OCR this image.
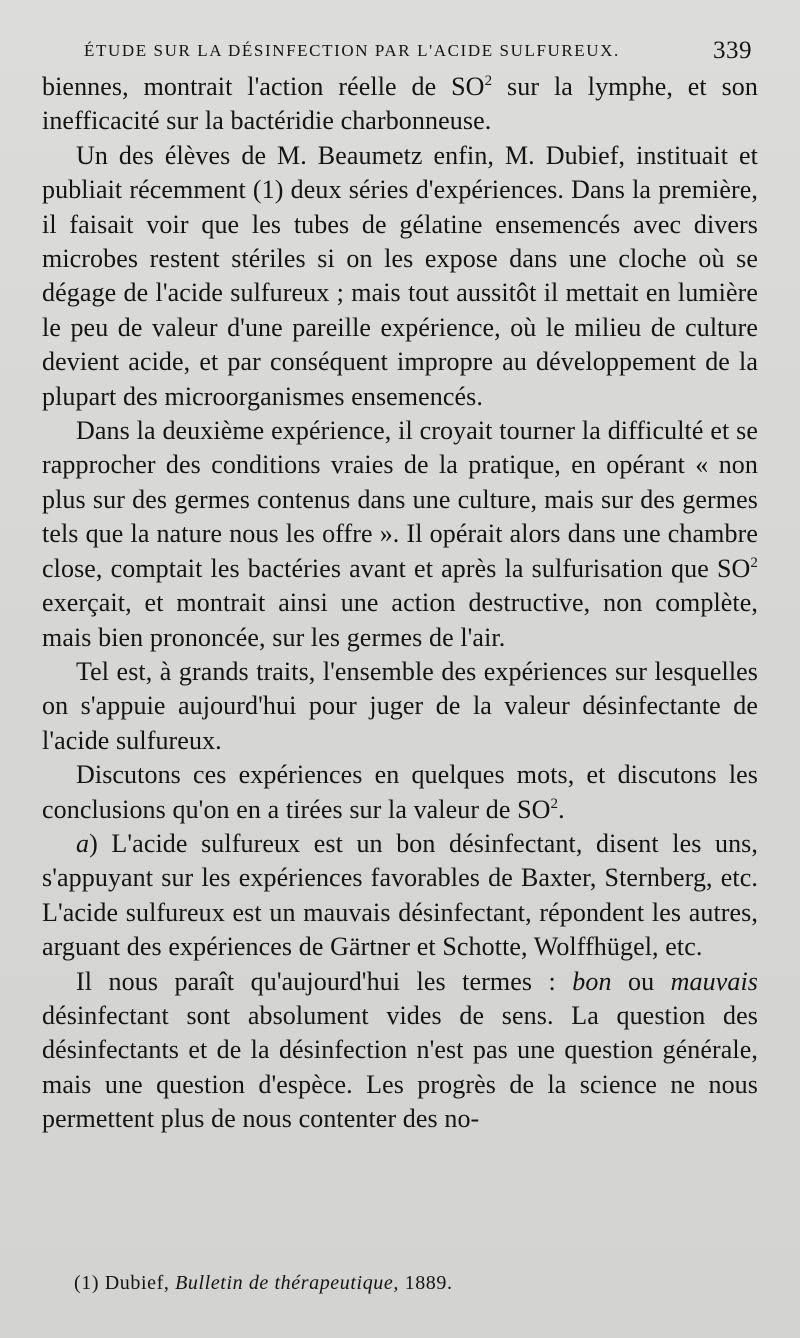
ÉTUDE SUR LA DÉSINFECTION PAR L'ACIDE SULFUREUX.	339

biennes, montrait l'action réelle de $SO^2$ sur la lymphe, et son inefficacité sur la bactéridie charbonneuse.

Un des élèves de M. Beaumetz enfin, M. Dubief, instituait et publiait récemment (1) deux séries d'expériences. Dans la première, il faisait voir que les tubes de gélatine ensemencés avec divers microbes restent stériles si on les expose dans une cloche où se dégage de l'acide sulfureux ; mais tout aussitôt il mettait en lumière le peu de valeur d'une pareille expérience, où le milieu de culture devient acide, et par conséquent impropre au développement de la plupart des microorganismes ensemencés.

Dans la deuxième expérience, il croyait tourner la difficulté et se rapprocher des conditions vraies de la pratique, en opérant « non plus sur des germes contenus dans une culture, mais sur des germes tels que la nature nous les offre ». Il opérait alors dans une chambre close, comptait les bactéries avant et après la sulfurisation que $SO^2$ exerçait, et montrait ainsi une action destructive, non complète, mais bien prononcée, sur les germes de l'air.

Tel est, à grands traits, l'ensemble des expériences sur lesquelles on s'appuie aujourd'hui pour juger de la valeur désinfectante de l'acide sulfureux.

Discutons ces expériences en quelques mots, et discutons les conclusions qu'on en a tirées sur la valeur de $SO^2$.

a) L'acide sulfureux est un bon désinfectant, disent les uns, s'appuyant sur les expériences favorables de Baxter, Sternberg, etc. L'acide sulfureux est un mauvais désinfectant, répondent les autres, arguant des expériences de Gärtner et Schotte, Wolffhügel, etc.

Il nous paraît qu'aujourd'hui les termes : bon ou mauvais désinfectant sont absolument vides de sens. La question des désinfectants et de la désinfection n'est pas une question générale, mais une question d'espèce. Les progrès de la science ne nous permettent plus de nous contenter des no-

(1) Dubief, Bulletin de thérapeutique, 1889.
